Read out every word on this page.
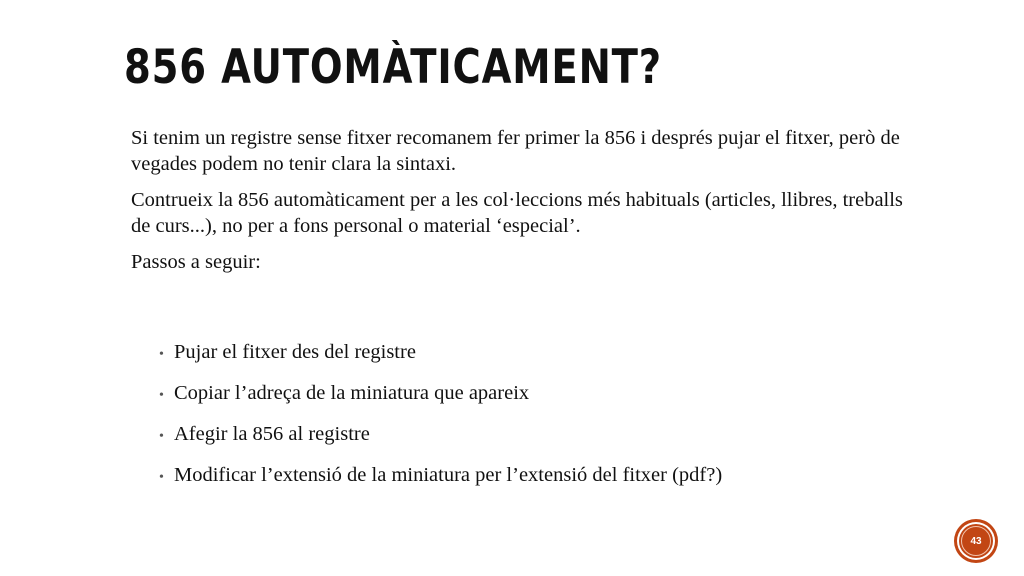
856 AUTOMÀTICAMENT?

Si tenim un registre sense fitxer recomanem fer primer la 856 i després pujar el fitxer, però de vegades podem no tenir clara la sintaxi.

Contrueix la 856 automàticament per a les col·leccions més habituals (articles, llibres, treballs de curs...), no per a fons personal o material ‘especial’.

Passos a seguir:

• Pujar el fitxer des del registre
• Copiar l’adreça de la miniatura que apareix
• Afegir la 856 al registre
• Modificar l’extensió de la miniatura per l’extensió del fitxer (pdf?)
43
